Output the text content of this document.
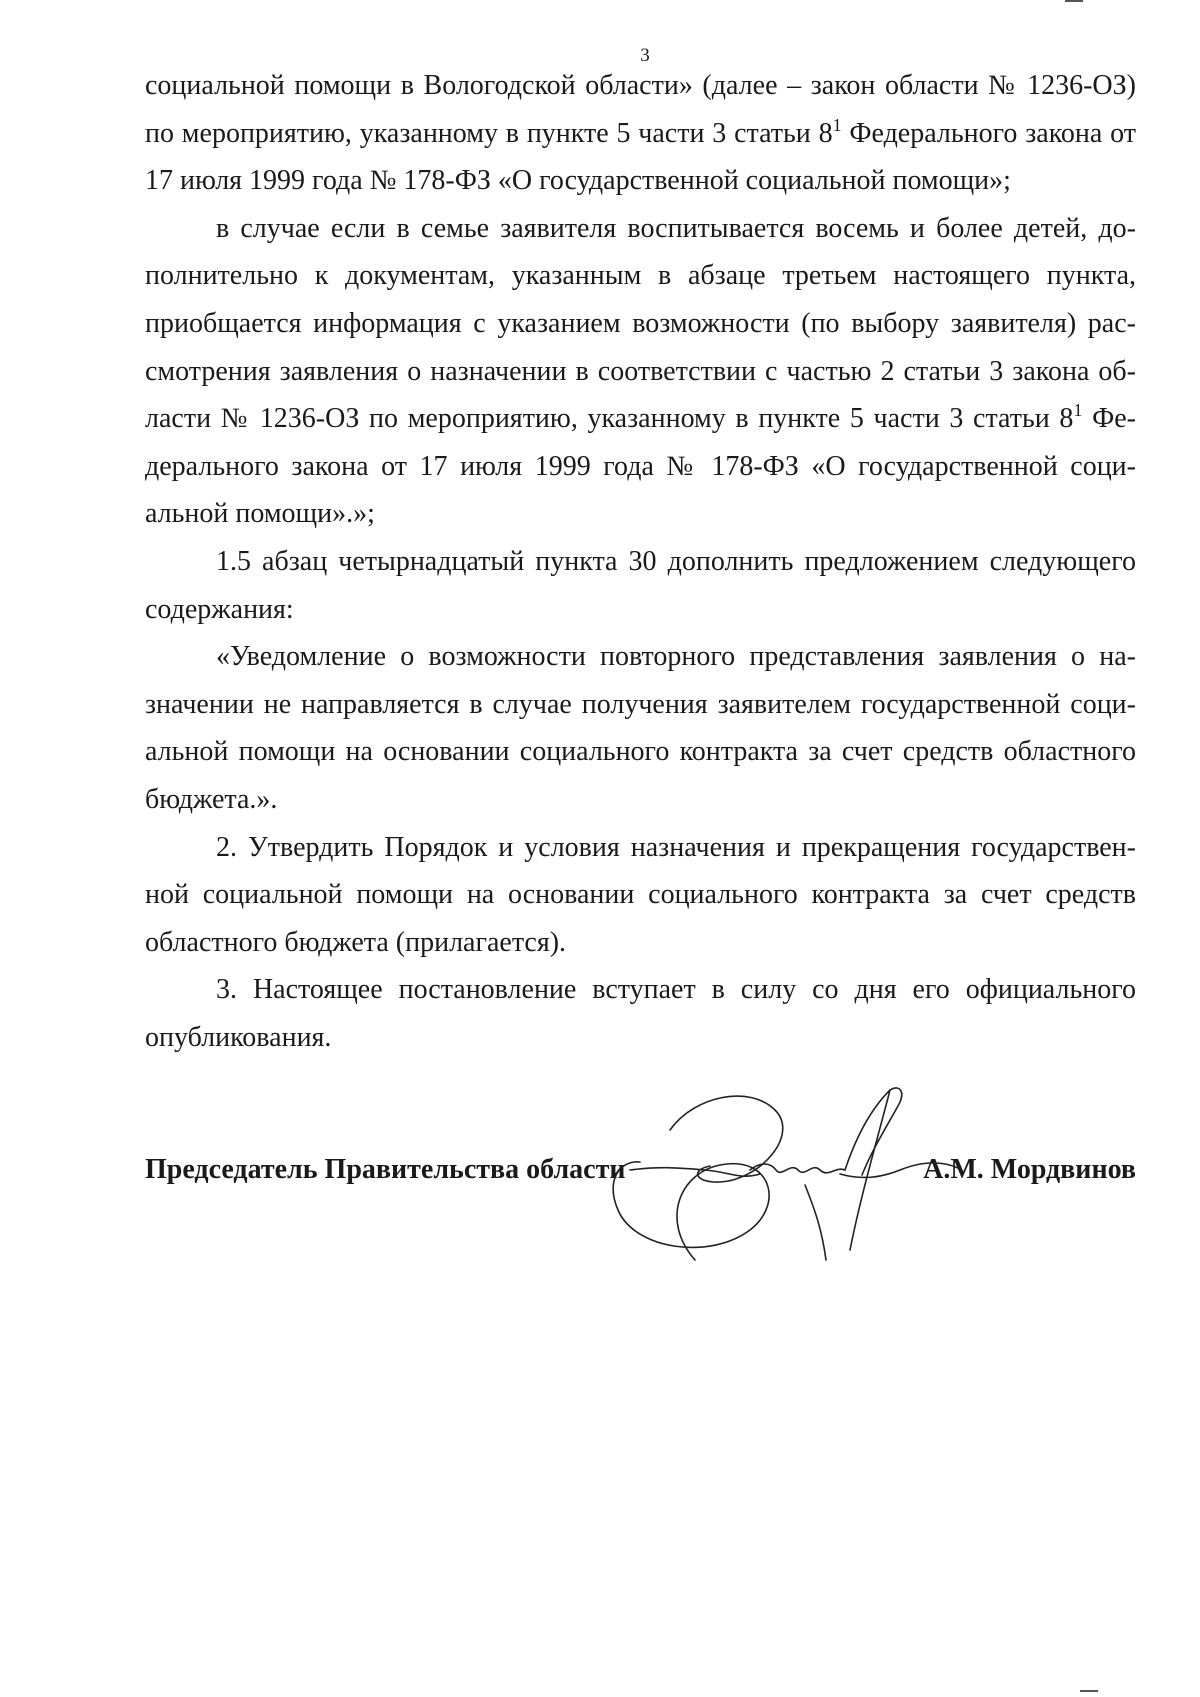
3

социальной помощи в Вологодской области» (далее – закон области № 1236-ОЗ) по мероприятию, указанному в пункте 5 части 3 статьи $8^1$ Федерального закона от 17 июля 1999 года № 178-ФЗ «О государственной социальной помощи»;

в случае если в семье заявителя воспитывается восемь и более детей, дополнительно к документам, указанным в абзаце третьем настоящего пункта, приобщается информация с указанием возможности (по выбору заявителя) рассмотрения заявления о назначении в соответствии с частью 2 статьи 3 закона области № 1236-ОЗ по мероприятию, указанному в пункте 5 части 3 статьи $8^1$ Федерального закона от 17 июля 1999 года № 178-ФЗ «О государственной социальной помощи».»;

1.5 абзац четырнадцатый пункта 30 дополнить предложением следующего содержания:

«Уведомление о возможности повторного представления заявления о назначении не направляется в случае получения заявителем государственной социальной помощи на основании социального контракта за счет средств областного бюджета.».

2. Утвердить Порядок и условия назначения и прекращения государственной социальной помощи на основании социального контракта за счет средств областного бюджета (прилагается).

3. Настоящее постановление вступает в силу со дня его официального опубликования.

Председатель Правительства области	А.М. Мордвинов
